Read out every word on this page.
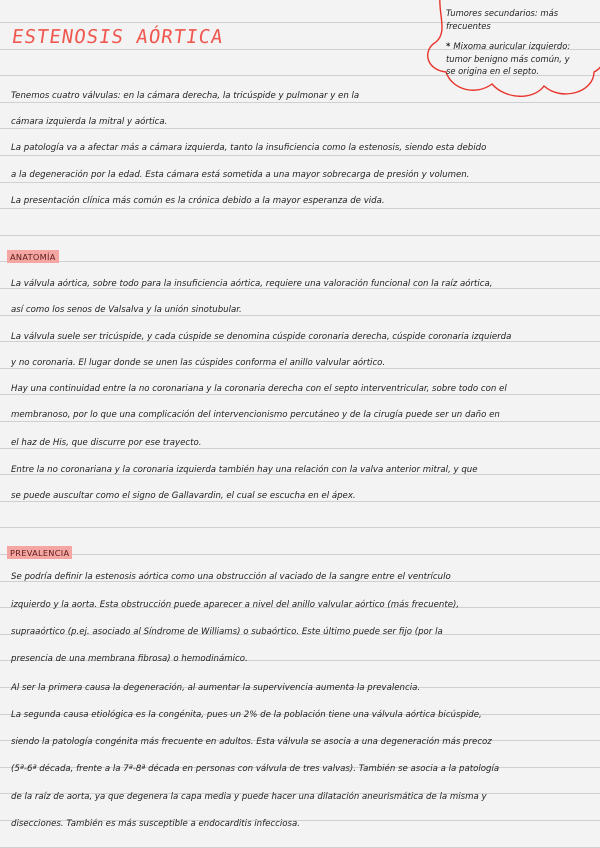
ESTENOSIS AÓRTICA
Tumores secundarios: más frecuentes
* Mixoma auricular izquierdo:
tumor benigno más común, y
se origina en el septo.
Tenemos cuatro válvulas: en la cámara derecha, la tricúspide y pulmonar y en la
cámara izquierda la mitral y aórtica.
La patología va a afectar más a cámara izquierda, tanto la insuficiencia como la estenosis, siendo esta debido
a la degeneración por la edad. Esta cámara está sometida a una mayor sobrecarga de presión y volumen.
La presentación clínica más común es la crónica debido a la mayor esperanza de vida.
ANATOMÍA
La válvula aórtica, sobre todo para la insuficiencia aórtica, requiere una valoración funcional con la raíz aórtica,
así como los senos de Valsalva y la unión sinotubular.
La válvula suele ser tricúspide, y cada cúspide se denomina cúspide coronaria derecha, cúspide coronaria izquierda
y no coronaria. El lugar donde se unen las cúspides conforma el anillo valvular aórtico.
Hay una continuidad entre la no coronariana y la coronaria derecha con el septo interventricular, sobre todo con el
membranoso, por lo que una complicación del intervencionismo percutáneo y de la cirugía puede ser un daño en
el haz de His, que discurre por ese trayecto.
Entre la no coronariana y la coronaria izquierda también hay una relación con la valva anterior mitral, y que
se puede auscultar como el signo de Gallavardin, el cual se escucha en el ápex.
PREVALENCIA
Se podría definir la estenosis aórtica como una obstrucción al vaciado de la sangre entre el ventrículo
izquierdo y la aorta. Esta obstrucción puede aparecer a nivel del anillo valvular aórtico (más frecuente),
supraaórtico (p.ej. asociado al Síndrome de Williams) o subaórtico. Este último puede ser fijo (por la
presencia de una membrana fibrosa) o hemodinámico.
Al ser la primera causa la degeneración, al aumentar la supervivencia aumenta la prevalencia.
La segunda causa etiológica es la congénita, pues un 2% de la población tiene una válvula aórtica bicúspide,
siendo la patología congénita más frecuente en adultos. Esta válvula se asocia a una degeneración más precoz
(5ª-6ª década, frente a la 7ª-8ª década en personas con válvula de tres valvas). También se asocia a la patología
de la raíz de aorta, ya que degenera la capa media y puede hacer una dilatación aneurismática de la misma y
disecciones. También es más susceptible a endocarditis infecciosa.
